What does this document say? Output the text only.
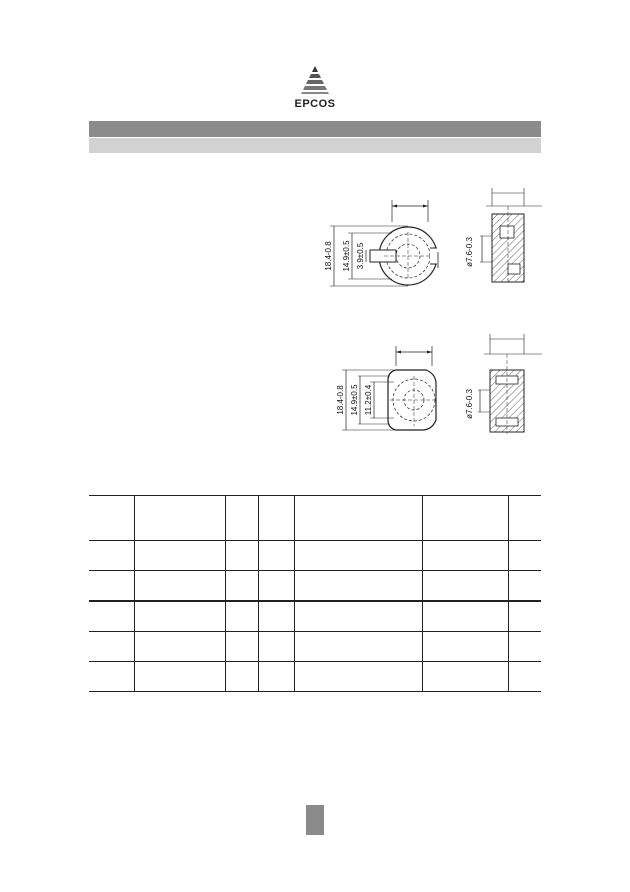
EPCOS
18.4-0.8 14.9±0.5 3.9±0.5	ø7.6-0.3
18.4-0.8 14.9±0.5 11.2±0.4	ø7.6-0.3
